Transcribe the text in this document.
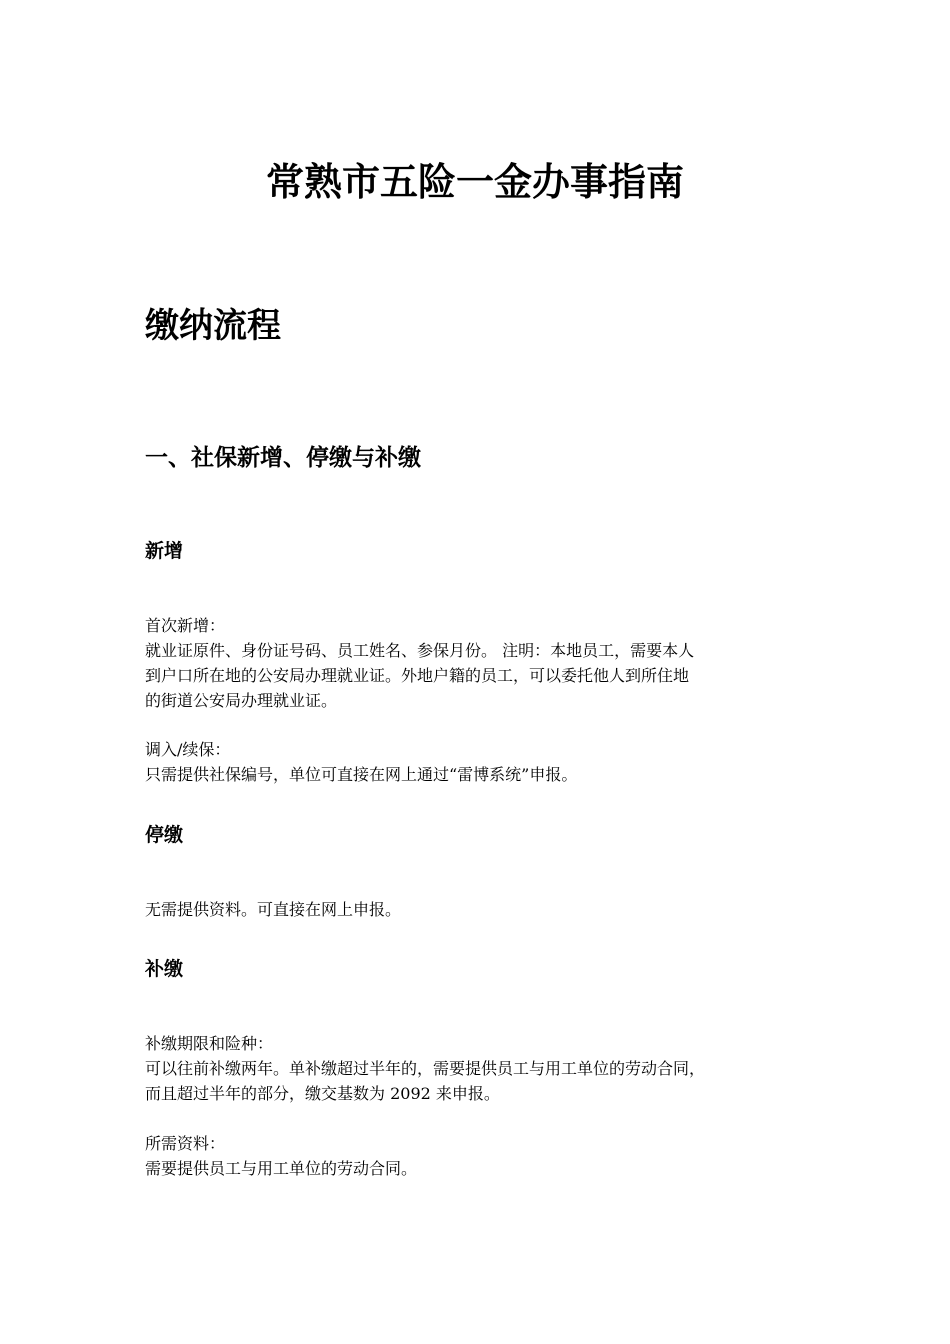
常熟市五险一金办事指南
缴纳流程
一、社保新增、停缴与补缴
新增
首次新增：
就业证原件、身份证号码、员工姓名、参保月份。 注明：本地员工，需要本人
到户口所在地的公安局办理就业证。外地户籍的员工，可以委托他人到所住地
的街道公安局办理就业证。
调入/续保：
只需提供社保编号，单位可直接在网上通过“雷博系统”申报。
停缴
无需提供资料。可直接在网上申报。
补缴
补缴期限和险种：
可以往前补缴两年。单补缴超过半年的，需要提供员工与用工单位的劳动合同，
而且超过半年的部分，缴交基数为 2092 来申报。
所需资料：
需要提供员工与用工单位的劳动合同。
